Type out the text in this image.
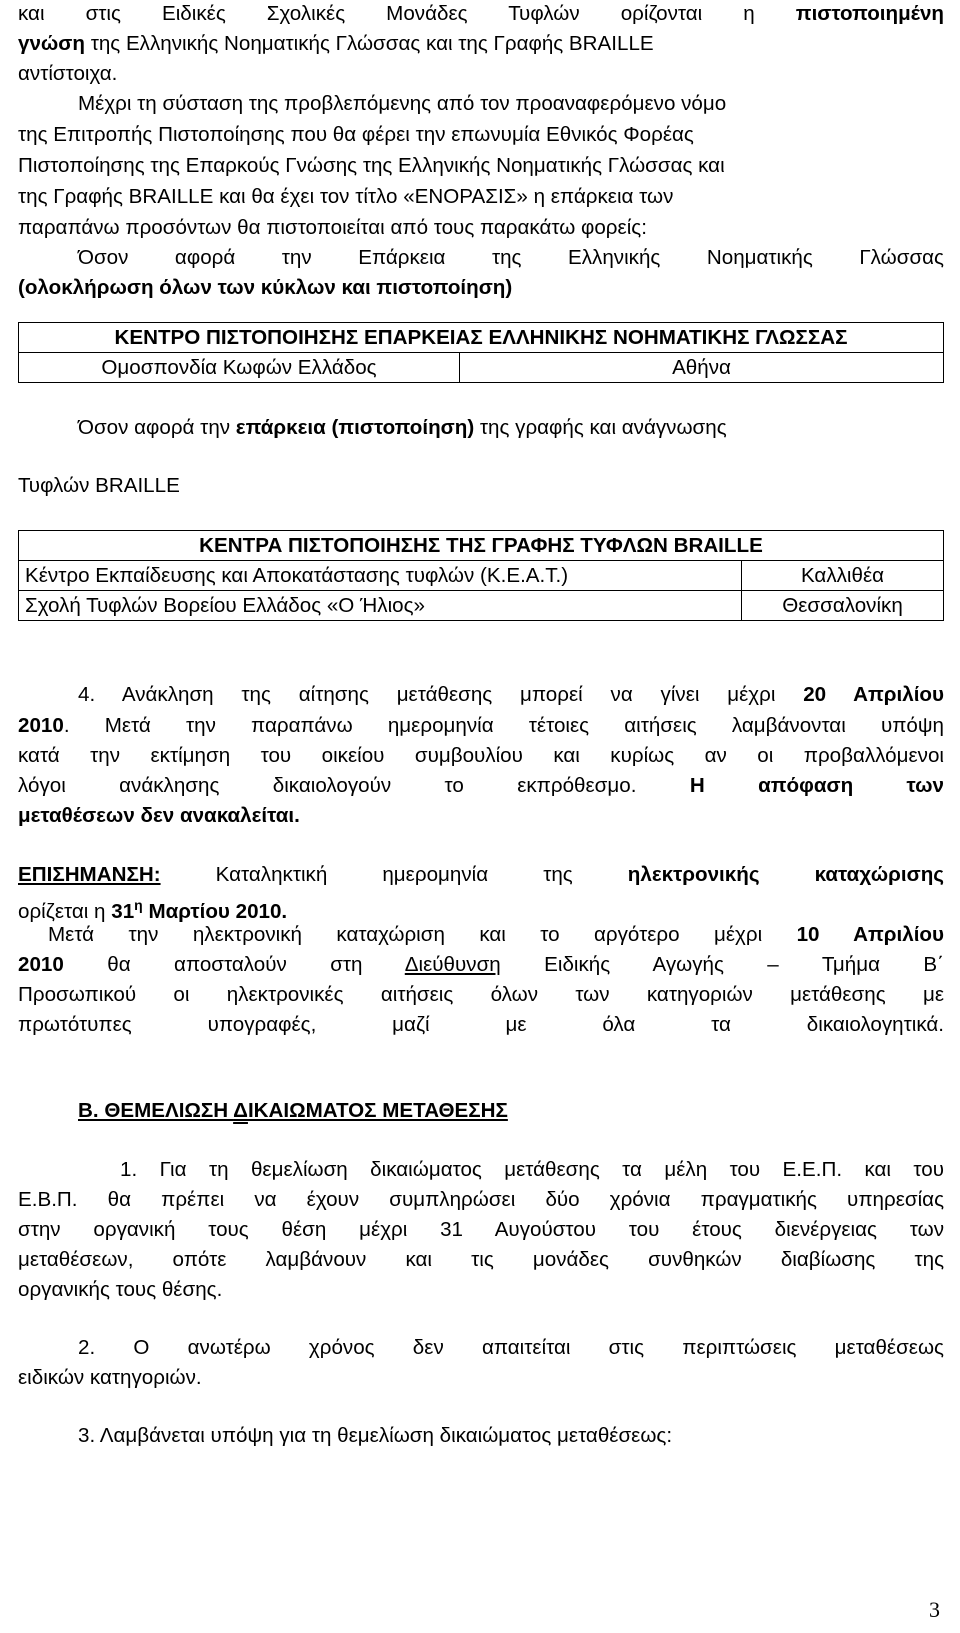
και στις Ειδικές Σχολικές Μονάδες Τυφλών ορίζονται η πιστοποιημένη
γνώση της Ελληνικής Νοηματικής Γλώσσας και της Γραφής BRAILLE
αντίστοιχα.
Μέχρι τη σύσταση της προβλεπόμενης από τον προαναφερόμενο νόμο
της Επιτροπής Πιστοποίησης που θα φέρει την επωνυμία Εθνικός Φορέας
Πιστοποίησης της Επαρκούς Γνώσης της Ελληνικής Νοηματικής Γλώσσας και
της Γραφής BRAILLE και θα έχει τον τίτλο «ΕΝΟΡΑΣΙΣ» η επάρκεια των
παραπάνω προσόντων θα πιστοποιείται από τους παρακάτω φορείς:
Όσον αφορά την Επάρκεια της Ελληνικής Νοηματικής Γλώσσας
(ολοκλήρωση όλων των κύκλων και πιστοποίηση)
ΚΕΝΤΡΟ ΠΙΣΤΟΠΟΙΗΣΗΣ ΕΠΑΡΚΕΙΑΣ ΕΛΛΗΝΙΚΗΣ ΝΟΗΜΑΤΙΚΗΣ ΓΛΩΣΣΑΣ
Ομοσπονδία Κωφών Ελλάδος	Αθήνα
Όσον αφορά την επάρκεια (πιστοποίηση) της γραφής και ανάγνωσης
Τυφλών BRAILLE
ΚΕΝΤΡΑ ΠΙΣΤΟΠΟΙΗΣΗΣ ΤΗΣ ΓΡΑΦΗΣ ΤΥΦΛΩΝ BRAILLE	
Κέντρο Εκπαίδευσης και Αποκατάστασης τυφλών (Κ.Ε.Α.Τ.)	Καλλιθέα
Σχολή Τυφλών Βορείου Ελλάδος «Ο Ήλιος»	Θεσσαλονίκη
4. Ανάκληση της αίτησης μετάθεσης μπορεί να γίνει μέχρι 20 Απριλίου
2010. Μετά την παραπάνω ημερομηνία τέτοιες αιτήσεις λαμβάνονται υπόψη
κατά την εκτίμηση του οικείου συμβουλίου και κυρίως αν οι προβαλλόμενοι
λόγοι ανάκλησης δικαιολογούν το εκπρόθεσμο. Η απόφαση των
μεταθέσεων δεν ανακαλείται.
ΕΠΙΣΗΜΑΝΣΗ: Καταληκτική ημερομηνία της ηλεκτρονικής καταχώρισης
ορίζεται η $31^\eta$ Μαρτίου 2010.
Μετά την ηλεκτρονική καταχώριση και το αργότερο μέχρι 10 Απριλίου
2010 θα αποσταλούν στη Διεύθυνση Ειδικής Αγωγής – Τμήμα Β΄
Προσωπικού οι ηλεκτρονικές αιτήσεις όλων των κατηγοριών μετάθεσης με
πρωτότυπες υπογραφές, μαζί με όλα τα δικαιολογητικά.
Β. ΘΕΜΕΛΙΩΣΗ ΔΙΚΑΙΩΜΑΤΟΣ ΜΕΤΑΘΕΣΗΣ
1. Για τη θεμελίωση δικαιώματος μετάθεσης τα μέλη του Ε.Ε.Π. και του
Ε.Β.Π. θα πρέπει να έχουν συμπληρώσει δύο χρόνια πραγματικής υπηρεσίας
στην οργανική τους θέση μέχρι 31 Αυγούστου του έτους διενέργειας των
μεταθέσεων, οπότε λαμβάνουν και τις μονάδες συνθηκών διαβίωσης της
οργανικής τους θέσης.
2. Ο ανωτέρω χρόνος δεν απαιτείται στις περιπτώσεις μεταθέσεως
ειδικών κατηγοριών.
3. Λαμβάνεται υπόψη για τη θεμελίωση δικαιώματος μεταθέσεως:
3
